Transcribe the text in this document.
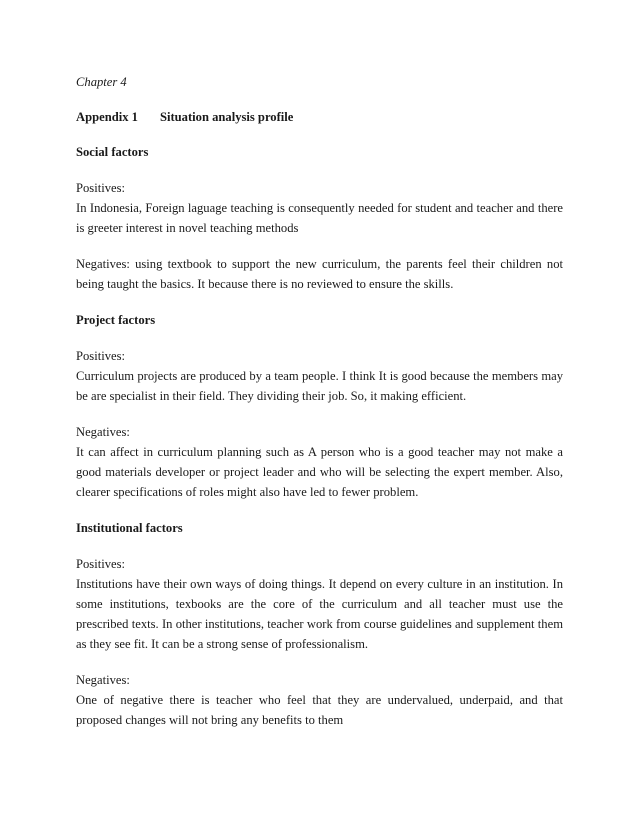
Chapter 4

Appendix 1 Situation analysis profile

Social factors

Positives:

In Indonesia, Foreign laguage teaching is consequently needed for student and teacher and there is greeter interest in novel teaching methods

Negatives: using textbook to support the new curriculum, the parents feel their children not being taught the basics. It because there is no reviewed to ensure the skills.

Project factors

Positives:

Curriculum projects are produced by a team people. I think It is good because the members may be are specialist in their field. They dividing their job. So, it making efficient.

Negatives:

It can affect in curriculum planning such as A person who is a good teacher may not make a good materials developer or project leader and who will be selecting the expert member. Also, clearer specifications of roles might also have led to fewer problem.

Institutional factors

Positives:

Institutions have their own ways of doing things. It depend on every culture in an institution. In some institutions, texbooks are the core of the curriculum and all teacher must use the prescribed texts. In other institutions, teacher work from course guidelines and supplement them as they see fit. It can be a strong sense of professionalism.

Negatives:

One of negative there is teacher who feel that they are undervalued, underpaid, and that proposed changes will not bring any benefits to them
